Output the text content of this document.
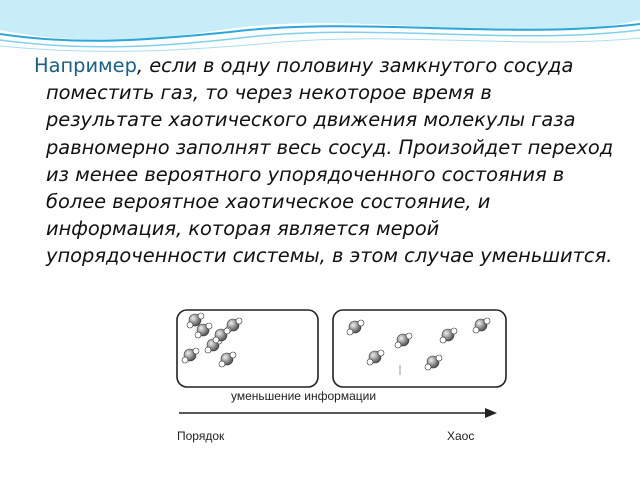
Например, если в одну половину замкнутого сосуда поместить газ, то через некоторое время в результате хаотического движения молекулы газа равномерно заполнят весь сосуд. Произойдет переход из менее вероятного упорядоченного состояния в более вероятное хаотическое состояние, и информация, которая является мерой упорядоченности системы, в этом случае уменьшится.

уменьшение информации
Порядок	Хаос
